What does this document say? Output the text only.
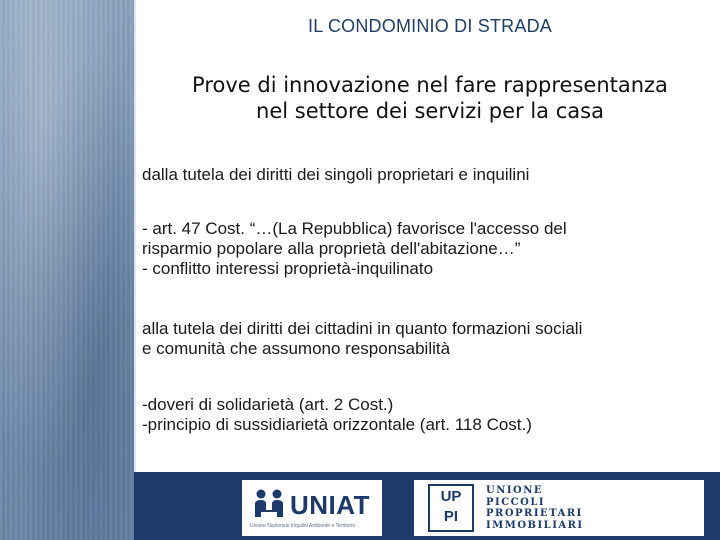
IL CONDOMINIO DI STRADA
Prove di innovazione nel fare rappresentanza
nel settore dei servizi per la casa

dalla tutela dei diritti dei singoli proprietari e inquilini

- art. 47 Cost. “…(La Repubblica) favorisce l'accesso del
risparmio popolare alla proprietà dell'abitazione…”
- conflitto interessi proprietà-inquilinato

alla tutela dei diritti dei cittadini in quanto formazioni sociali
e comunità che assumono responsabilità

-doveri di solidarietà (art. 2 Cost.)
-principio di sussidiarietà orizzontale (art. 118 Cost.)

UNIAT
Unione Nazionale Inquilini Ambiente e Territorio
e
UP
PI
UNIONE
PICCOLI
PROPRIETARI
IMMOBILIARI
